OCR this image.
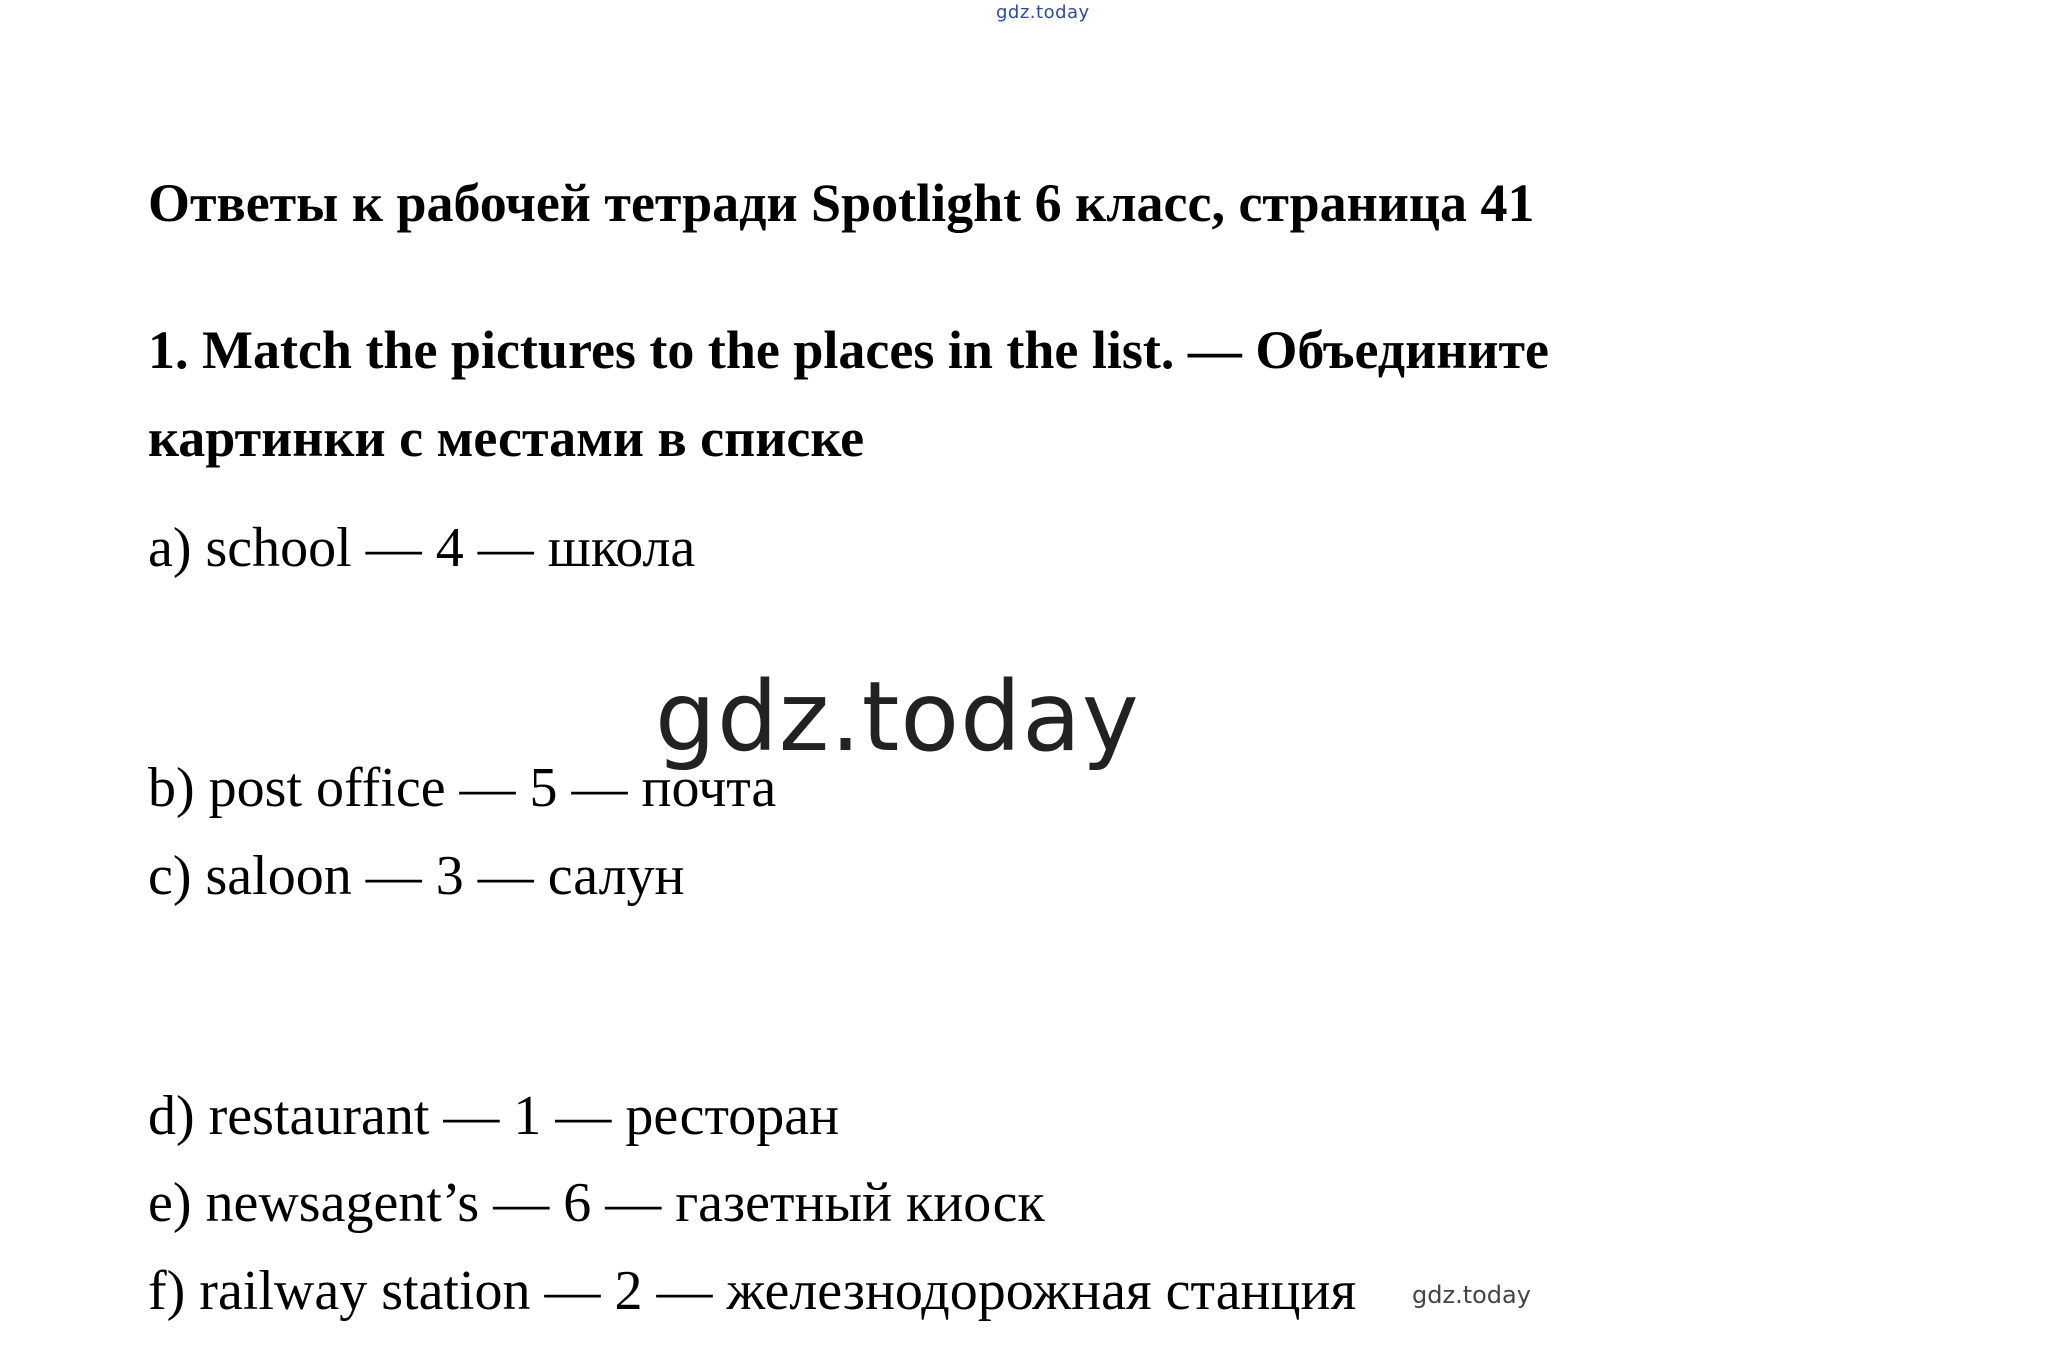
gdz.today
Ответы к рабочей тетради Spotlight 6 класс, страница 41
1. Match the pictures to the places in the list. — Объедините картинки с местами в списке

a) school — 4 — школа

b) post office — 5 — почта

c) saloon — 3 — салун

d) restaurant — 1 — ресторан

e) newsagent’s — 6 — газетный киоск

f) railway station — 2 — железнодорожная станция

gdz.today
gdz.today
